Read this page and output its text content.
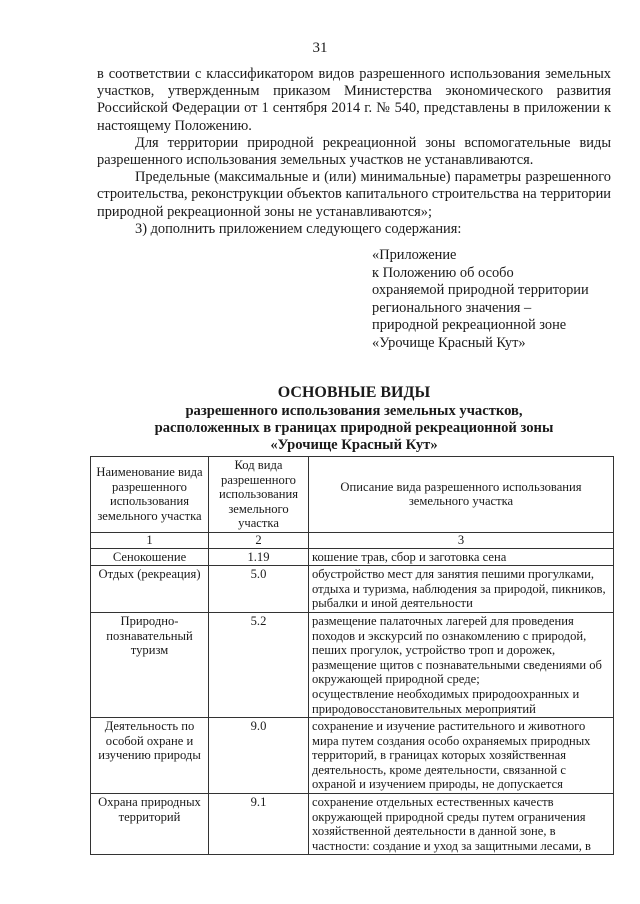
31

в соответствии с классификатором видов разрешенного использования земельных участков, утвержденным приказом Министерства экономического развития Российской Федерации от 1 сентября 2014 г. № 540, представлены в приложении к настоящему Положению.

Для территории природной рекреационной зоны вспомогательные виды разрешенного использования земельных участков не устанавливаются.

Предельные (максимальные и (или) минимальные) параметры разрешенного строительства, реконструкции объектов капитального строительства на территории природной рекреационной зоны не устанавливаются»;

3) дополнить приложением следующего содержания:

«Приложение
к Положению об особо
охраняемой природной территории
регионального значения –
природной рекреационной зоне
«Урочище Красный Кут»
ОСНОВНЫЕ ВИДЫ
разрешенного использования земельных участков,
расположенных в границах природной рекреационной зоны
«Урочище Красный Кут»
Наименование вида разрешенного использования земельного участка	Код вида разрешенного использования земельного участка	Описание вида разрешенного использования земельного участка
1	2	3
Сенокошение	1.19	кошение трав, сбор и заготовка сена
Отдых (рекреация)	5.0	обустройство мест для занятия пешими прогулками, отдыха и туризма, наблюдения за природой, пикников, рыбалки и иной деятельности
Природно-познавательный туризм	5.2	размещение палаточных лагерей для проведения походов и экскурсий по ознакомлению с природой, пеших прогулок, устройство троп и дорожек, размещение щитов с познавательными сведениями об окружающей природной среде;
осуществление необходимых природоохранных и природовосстановительных мероприятий

Деятельность по особой охране и изучению природы	9.0	сохранение и изучение растительного и животного мира путем создания особо охраняемых природных территорий, в границах которых хозяйственная деятельность, кроме деятельности, связанной с охраной и изучением природы, не допускается
Охрана природных территорий	9.1	сохранение отдельных естественных качеств окружающей природной среды путем ограничения хозяйственной деятельности в данной зоне, в частности: создание и уход за защитными лесами, в
